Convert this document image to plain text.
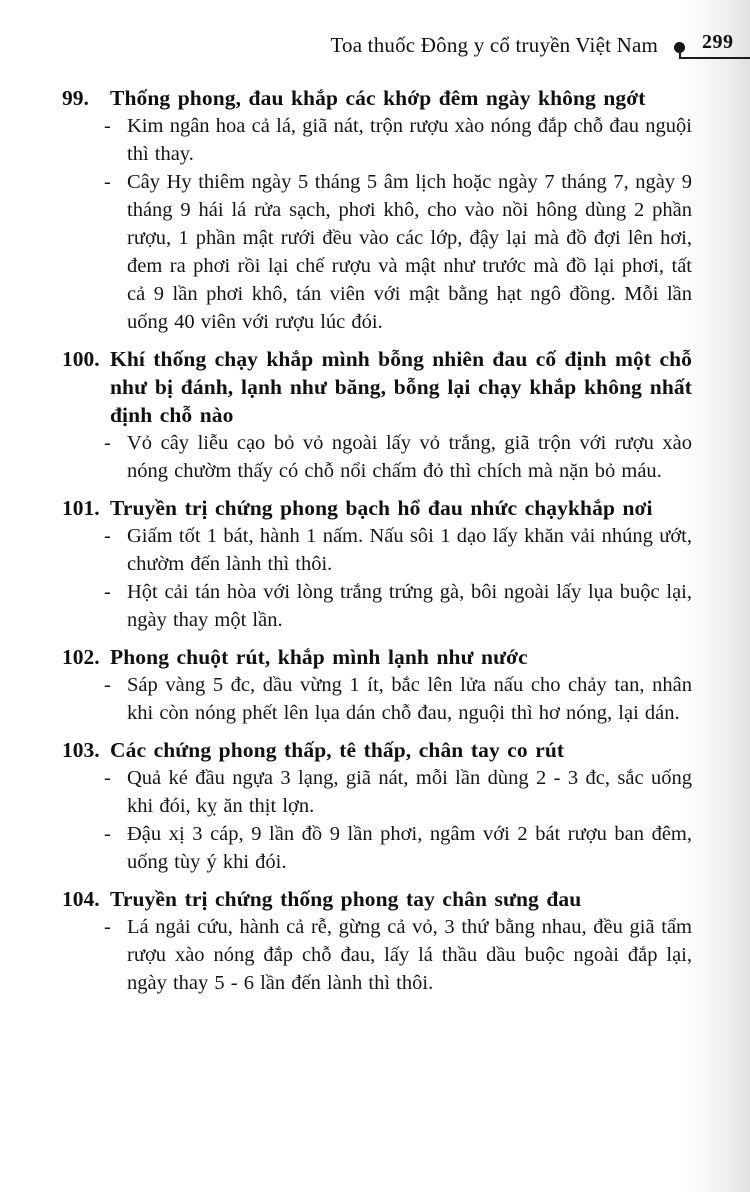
Toa thuốc Đông y cổ truyền Việt Nam 299
99. Thống phong, đau khắp các khớp đêm ngày không ngớt
- Kim ngân hoa cả lá, giã nát, trộn rượu xào nóng đắp chỗ đau nguội thì thay.
- Cây Hy thiêm ngày 5 tháng 5 âm lịch hoặc ngày 7 tháng 7, ngày 9 tháng 9 hái lá rửa sạch, phơi khô, cho vào nồi hông dùng 2 phần rượu, 1 phần mật rưới đều vào các lớp, đậy lại mà đồ đợi lên hơi, đem ra phơi rồi lại chế rượu và mật như trước mà đồ lại phơi, tất cả 9 lần phơi khô, tán viên với mật bằng hạt ngô đồng. Mỗi lần uống 40 viên với rượu lúc đói.
100. Khí thống chạy khắp mình bỗng nhiên đau cố định một chỗ như bị đánh, lạnh như băng, bỗng lại chạy khắp không nhất định chỗ nào
- Vỏ cây liễu cạo bỏ vỏ ngoài lấy vỏ trắng, giã trộn với rượu xào nóng chườm thấy có chỗ nổi chấm đỏ thì chích mà nặn bỏ máu.
101. Truyền trị chứng phong bạch hổ đau nhức chạykhắp nơi
- Giấm tốt 1 bát, hành 1 nấm. Nấu sôi 1 dạo lấy khăn vải nhúng ướt, chườm đến lành thì thôi.
- Hột cải tán hòa với lòng trắng trứng gà, bôi ngoài lấy lụa buộc lại, ngày thay một lần.
102. Phong chuột rút, khắp mình lạnh như nước
- Sáp vàng 5 đc, dầu vừng 1 ít, bắc lên lửa nấu cho chảy tan, nhân khi còn nóng phết lên lụa dán chỗ đau, nguội thì hơ nóng, lại dán.
103. Các chứng phong thấp, tê thấp, chân tay co rút
- Quả ké đầu ngựa 3 lạng, giã nát, mỗi lần dùng 2 - 3 đc, sắc uống khi đói, kỵ ăn thịt lợn.
- Đậu xị 3 cáp, 9 lần đồ 9 lần phơi, ngâm với 2 bát rượu ban đêm, uống tùy ý khi đói.
104. Truyền trị chứng thống phong tay chân sưng đau
- Lá ngải cứu, hành cả rễ, gừng cả vỏ, 3 thứ bằng nhau, đều giã tẩm rượu xào nóng đắp chỗ đau, lấy lá thầu dầu buộc ngoài đắp lại, ngày thay 5 - 6 lần đến lành thì thôi.
